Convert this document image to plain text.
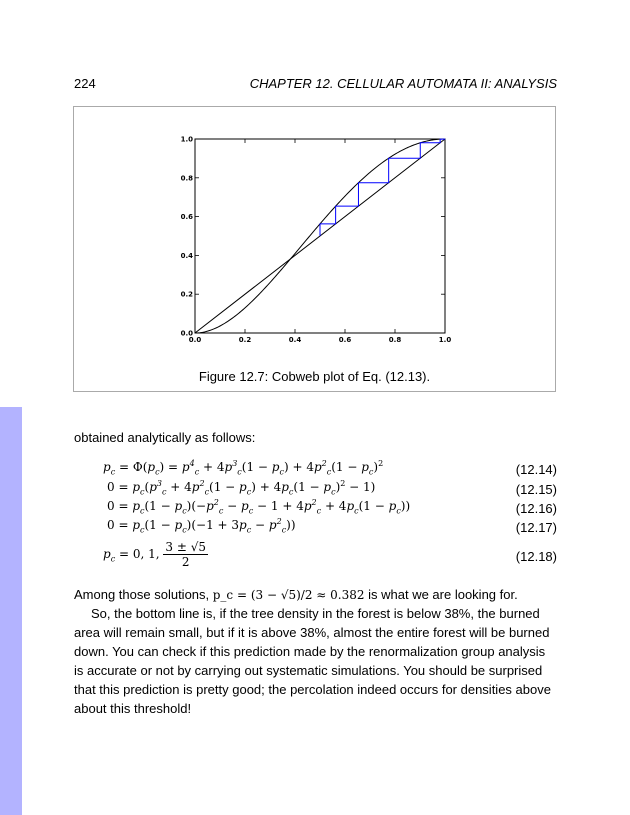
224	CHAPTER 12. CELLULAR AUTOMATA II: ANALYSIS
0.0	0.2	0.4	0.6	0.8	1.0
0.0
0.2
0.4
0.6
0.8
1.0
Figure 12.7: Cobweb plot of Eq. (12.13).
obtained analytically as follows:
$p_c = \Phi(p_c) = p^4_c + 4p^3_c(1 - p_c) + 4p^2_c(1 - p_c)^2$	(12.14)
$0 = p_c(p^3_c + 4p^2_c(1 - p_c) + 4p_c(1 - p_c)^2 - 1)$	(12.15)
$0 = p_c(1 - p_c)(-p^2_c - p_c - 1 + 4p^2_c + 4p_c(1 - p_c))$	(12.16)
$0 = p_c(1 - p_c)(-1 + 3p_c - p^2_c)$)	(12.17)
$p_c = 0$, 1, $\frac{3 \pm √5}{2}$	(12.18)
Among those solutions, p_c = (3 − √5)/2 ≈ 0.382 is what we are looking for.
So, the bottom line is, if the tree density in the forest is below 38%, the burned area will remain small, but if it is above 38%, almost the entire forest will be burned down. You can check if this prediction made by the renormalization group analysis is accurate or not by carrying out systematic simulations. You should be surprised that this prediction is pretty good; the percolation indeed occurs for densities above about this threshold!
